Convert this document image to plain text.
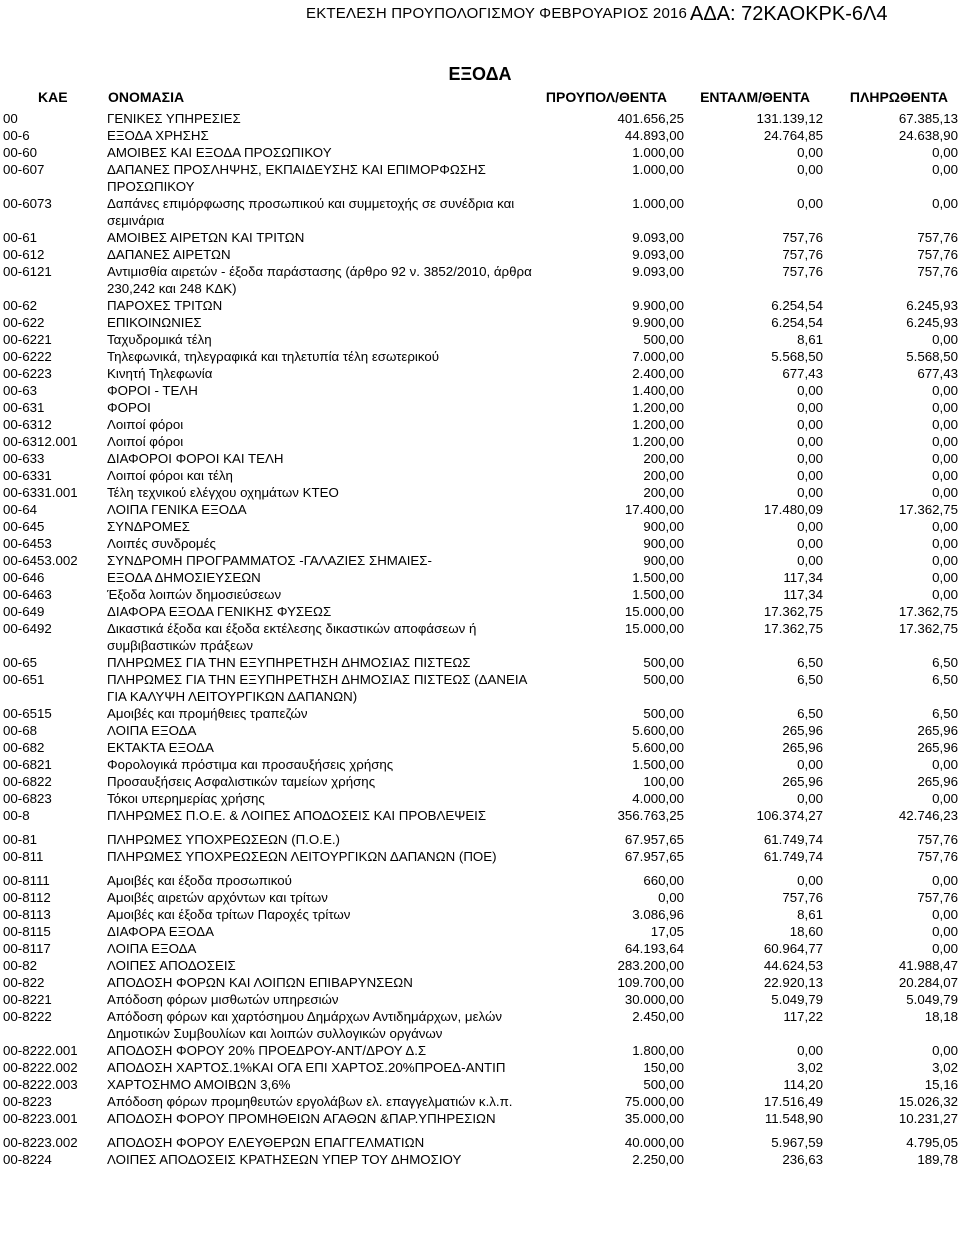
ΕΚΤΕΛΕΣΗ ΠΡΟΥΠΟΛΟΓΙΣΜΟΥ ΦΕΒΡΟΥΑΡΙΟΣ 2016 ΑΔΑ: 72ΚΑΟΚΡΚ-6Λ4
ΕΞΟΔΑ
ΚΑΕ	ΟΝΟΜΑΣΙΑ	ΠΡΟΥΠΟΛ/ΘΕΝΤΑ ΕΝΤΑΛΜ/ΘΕΝΤΑ	ΠΛΗΡΩΘΕΝΤΑ
00	ΓΕΝΙΚΕΣ ΥΠΗΡΕΣΙΕΣ	401.656,25	131.139,12	67.385,13
00-6	ΕΞΟΔΑ ΧΡΗΣΗΣ	44.893,00	24.764,85	24.638,90
00-60	ΑΜΟΙΒΕΣ ΚΑΙ ΕΞΟΔΑ ΠΡΟΣΩΠΙΚΟΥ	1.000,00	0,00	0,00
00-607	ΔΑΠΑΝΕΣ ΠΡΟΣΛΗΨΗΣ, ΕΚΠΑΙΔΕΥΣΗΣ ΚΑΙ ΕΠΙΜΟΡΦΩΣΗΣ ΠΡΟΣΩΠΙΚΟΥ
1.000,00	0,00	0,00
00-6073	Δαπάνες επιμόρφωσης προσωπικού και συμμετοχής σε συνέδρια και σεμινάρια
1.000,00	0,00	0,00
00-61	ΑΜΟΙΒΕΣ ΑΙΡΕΤΩΝ ΚΑΙ ΤΡΙΤΩΝ	9.093,00	757,76	757,76
00-612	ΔΑΠΑΝΕΣ ΑΙΡΕΤΩΝ	9.093,00	757,76	757,76
00-6121	Αντιμισθία αιρετών - έξοδα παράστασης (άρθρο 92 ν. 3852/2010, άρθρα 230,242 και 248 ΚΔΚ)
9.093,00	757,76	757,76
00-62	ΠΑΡΟΧΕΣ ΤΡΙΤΩΝ	9.900,00	6.254,54	6.245,93
00-622	ΕΠΙΚΟΙΝΩΝΙΕΣ	9.900,00	6.254,54	6.245,93
00-6221	Ταχυδρομικά τέλη	500,00	8,61	0,00
00-6222	Τηλεφωνικά, τηλεγραφικά και τηλετυπία τέλη εσωτερικού	7.000,00	5.568,50	5.568,50
00-6223	Κινητή Τηλεφωνία	2.400,00	677,43	677,43
00-63	ΦΟΡΟΙ - ΤΕΛΗ	1.400,00	0,00	0,00
00-631	ΦΟΡΟΙ	1.200,00	0,00	0,00
00-6312	Λοιποί φόροι	1.200,00	0,00	0,00
00-6312.001 Λοιποί φόροι	1.200,00	0,00	0,00
00-633	ΔΙΑΦΟΡΟΙ ΦΟΡΟΙ ΚΑΙ ΤΕΛΗ	200,00	0,00	0,00
00-6331	Λοιποί φόροι και τέλη	200,00	0,00	0,00
00-6331.001 Τέλη τεχνικού ελέγχου οχημάτων ΚΤΕΟ	200,00	0,00	0,00
00-64	ΛΟΙΠΑ ΓΕΝΙΚΑ ΕΞΟΔΑ	17.400,00	17.480,09	17.362,75
00-645	ΣΥΝΔΡΟΜΕΣ	900,00	0,00	0,00
00-6453	Λοιπές συνδρομές	900,00	0,00	0,00
00-6453.002 ΣΥΝΔΡΟΜΗ ΠΡΟΓΡΑΜΜΑΤΟΣ -ΓΑΛΑΖΙΕΣ ΣΗΜΑΙΕΣ-	900,00	0,00	0,00
00-646	ΕΞΟΔΑ ΔΗΜΟΣΙΕΥΣΕΩΝ	1.500,00	117,34	0,00
00-6463	Έξοδα λοιπών δημοσιεύσεων	1.500,00	117,34	0,00
00-649	ΔΙΑΦΟΡΑ ΕΞΟΔΑ ΓΕΝΙΚΗΣ ΦΥΣΕΩΣ	15.000,00	17.362,75	17.362,75
00-6492	Δικαστικά έξοδα και έξοδα εκτέλεσης δικαστικών αποφάσεων ή συμβιβαστικών πράξεων
15.000,00	17.362,75	17.362,75
00-65	ΠΛΗΡΩΜΕΣ ΓΙΑ ΤΗΝ ΕΞΥΠΗΡΕΤΗΣΗ ΔΗΜΟΣΙΑΣ ΠΙΣΤΕΩΣ	500,00	6,50	6,50
00-651	ΠΛΗΡΩΜΕΣ ΓΙΑ ΤΗΝ ΕΞΥΠΗΡΕΤΗΣΗ ΔΗΜΟΣΙΑΣ ΠΙΣΤΕΩΣ (ΔΑΝΕΙΑ ΓΙΑ ΚΑΛΥΨΗ ΛΕΙΤΟΥΡΓΙΚΩΝ ΔΑΠΑΝΩΝ)
500,00	6,50	6,50
00-6515	Αμοιβές και προμήθειες τραπεζών	500,00	6,50	6,50
00-68	ΛΟΙΠΑ ΕΞΟΔΑ	5.600,00	265,96	265,96
00-682	ΕΚΤΑΚΤΑ ΕΞΟΔΑ	5.600,00	265,96	265,96
00-6821	Φορολογικά πρόστιμα και προσαυξήσεις χρήσης	1.500,00	0,00	0,00
00-6822	Προσαυξήσεις Ασφαλιστικών ταμείων χρήσης	100,00	265,96	265,96
00-6823	Τόκοι υπερημερίας χρήσης	4.000,00	0,00	0,00
00-8	ΠΛΗΡΩΜΕΣ Π.Ο.Ε. & ΛΟΙΠΕΣ ΑΠΟΔΟΣΕΙΣ ΚΑΙ ΠΡΟΒΛΕΨΕΙΣ	356.763,25	106.374,27	42.746,23
00-81	ΠΛΗΡΩΜΕΣ ΥΠΟΧΡΕΩΣΕΩΝ (Π.Ο.Ε.)	67.957,65	61.749,74	757,76
00-811	ΠΛΗΡΩΜΕΣ ΥΠΟΧΡΕΩΣΕΩΝ ΛΕΙΤΟΥΡΓΙΚΩΝ ΔΑΠΑΝΩΝ (ΠΟΕ)	67.957,65	61.749,74	757,76
00-8111	Αμοιβές και έξοδα προσωπικού	660,00	0,00	0,00
00-8112	Αμοιβές αιρετών αρχόντων και τρίτων	0,00	757,76	757,76
00-8113	Αμοιβές και έξοδα τρίτων Παροχές τρίτων	3.086,96	8,61	0,00
00-8115	ΔΙΑΦΟΡΑ ΕΞΟΔΑ	17,05	18,60	0,00
00-8117	ΛΟΙΠΑ ΕΞΟΔΑ	64.193,64	60.964,77	0,00
00-82	ΛΟΙΠΕΣ ΑΠΟΔΟΣΕΙΣ	283.200,00	44.624,53	41.988,47
00-822	ΑΠΟΔΟΣΗ ΦΟΡΩΝ ΚΑΙ ΛΟΙΠΩΝ ΕΠΙΒΑΡΥΝΣΕΩΝ	109.700,00	22.920,13	20.284,07
00-8221	Απόδοση φόρων μισθωτών υπηρεσιών	30.000,00	5.049,79	5.049,79
00-8222	Απόδοση φόρων και χαρτόσημου Δημάρχων Αντιδημάρχων, μελών Δημοτικών Συμβουλίων και λοιπών συλλογικών οργάνων
2.450,00	117,22	18,18
00-8222.001 ΑΠΟΔΟΣΗ ΦΟΡΟΥ 20% ΠΡΟΕΔΡΟΥ-ΑΝΤ/ΔΡΟΥ Δ.Σ	1.800,00	0,00	0,00
00-8222.002 ΑΠΟΔΟΣΗ ΧΑΡΤΟΣ.1%ΚΑΙ ΟΓΑ ΕΠΙ ΧΑΡΤΟΣ.20%ΠΡΟΕΔ-ΑΝΤΙΠ	150,00	3,02	3,02
00-8222.003 ΧΑΡΤΟΣΗΜΟ ΑΜΟΙΒΩΝ 3,6%	500,00	114,20	15,16
00-8223	Απόδοση φόρων προμηθευτών εργολάβων ελ. επαγγελματιών κ.λ.π.	75.000,00	17.516,49	15.026,32
00-8223.001 ΑΠΟΔΟΣΗ ΦΟΡΟΥ ΠΡΟΜΗΘΕΙΩΝ ΑΓΑΘΩΝ &ΠΑΡ.ΥΠΗΡΕΣΙΩΝ	35.000,00	11.548,90	10.231,27
00-8223.002 ΑΠΟΔΟΣΗ ΦΟΡΟΥ ΕΛΕΥΘΕΡΩΝ ΕΠΑΓΓΕΛΜΑΤΙΩΝ	40.000,00	5.967,59	4.795,05
00-8224	ΛΟΙΠΕΣ ΑΠΟΔΟΣΕΙΣ ΚΡΑΤΗΣΕΩΝ ΥΠΕΡ ΤΟΥ ΔΗΜΟΣΙΟΥ	2.250,00	236,63	189,78
